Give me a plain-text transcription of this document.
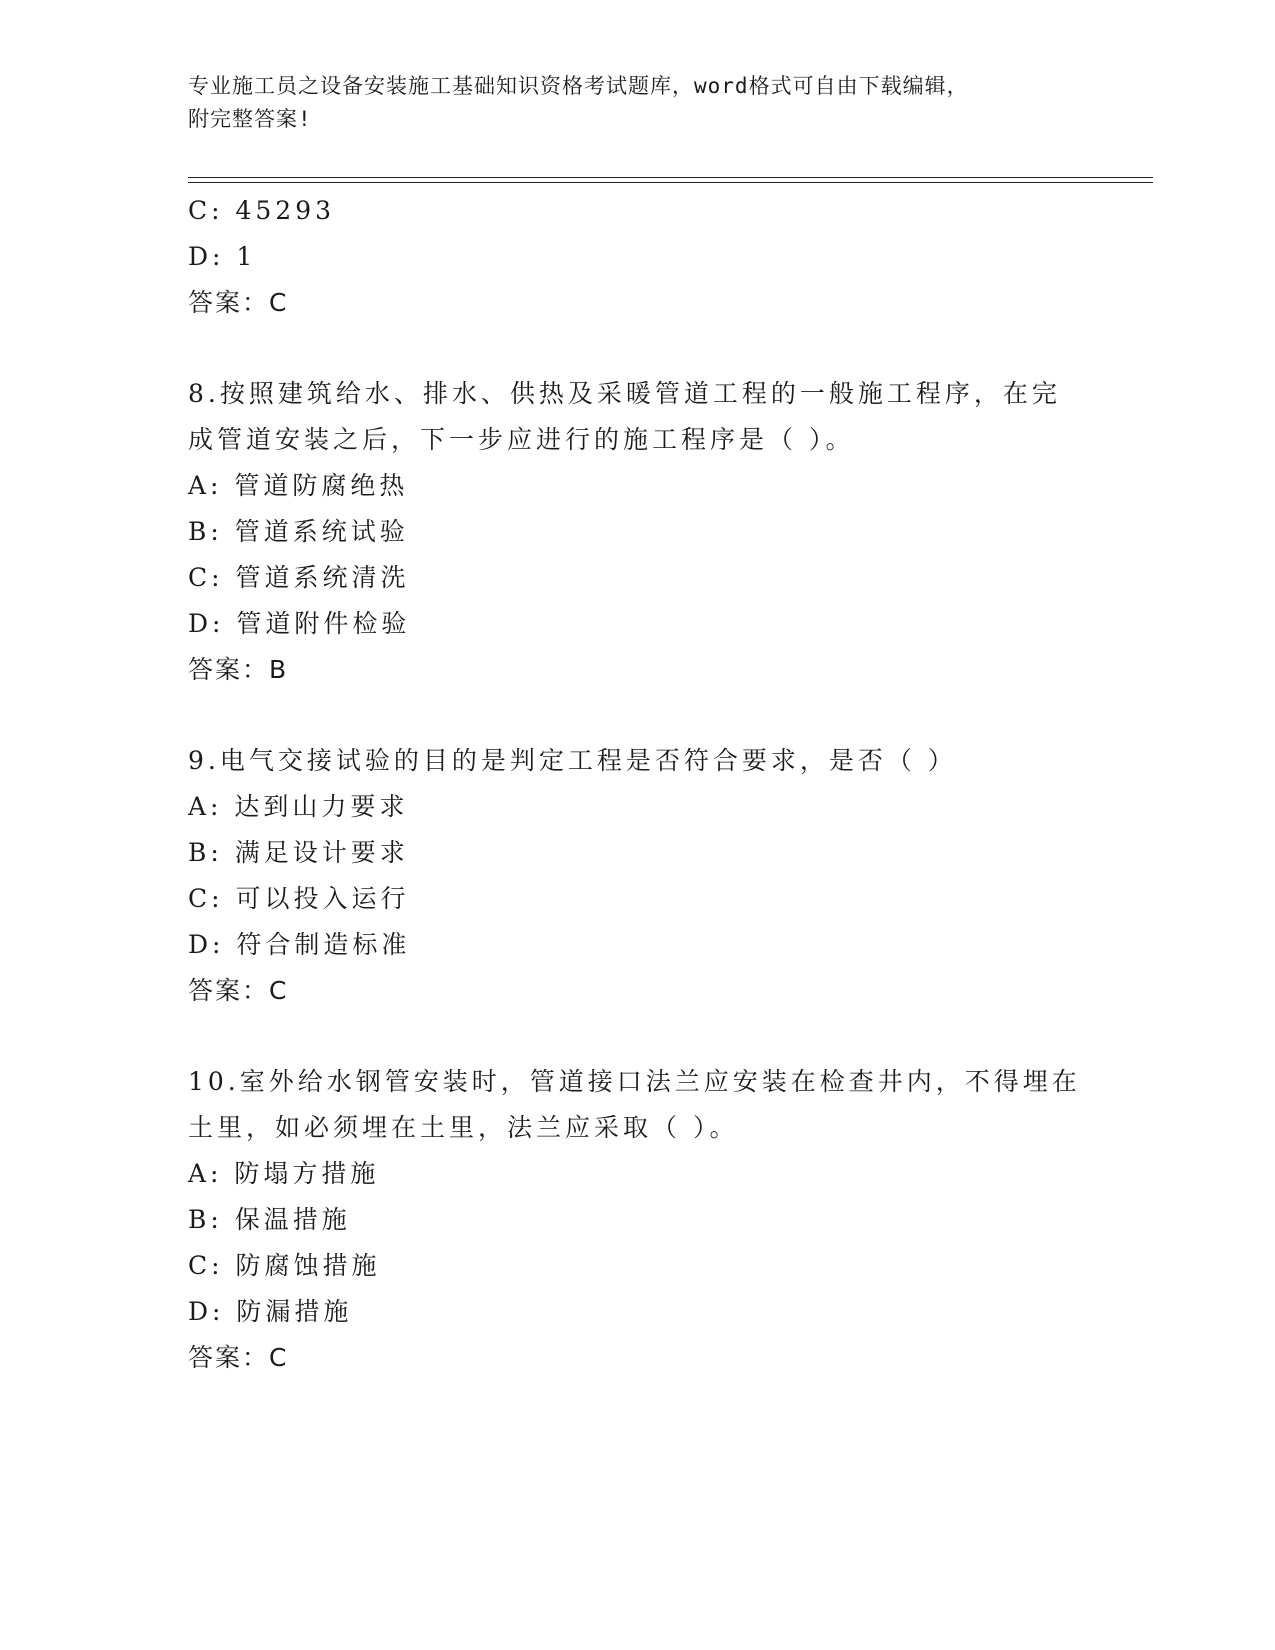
专业施工员之设备安装施工基础知识资格考试题库，word格式可自由下载编辑，
附完整答案!
C: 45293
D: 1
答案：C
8.按照建筑给水、排水、供热及采暖管道工程的一般施工程序，在完
成管道安装之后，下一步应进行的施工程序是（ ）。
A: 管道防腐绝热
B: 管道系统试验
C: 管道系统清洗
D: 管道附件检验
答案：B
9.电气交接试验的目的是判定工程是否符合要求，是否（ ）
A: 达到山力要求
B: 满足设计要求
C: 可以投入运行
D: 符合制造标准
答案：C
10.室外给水钢管安装时，管道接口法兰应安装在检查井内，不得埋在
土里，如必须埋在土里，法兰应采取（ ）。
A: 防塌方措施
B: 保温措施
C: 防腐蚀措施
D: 防漏措施
答案：C
